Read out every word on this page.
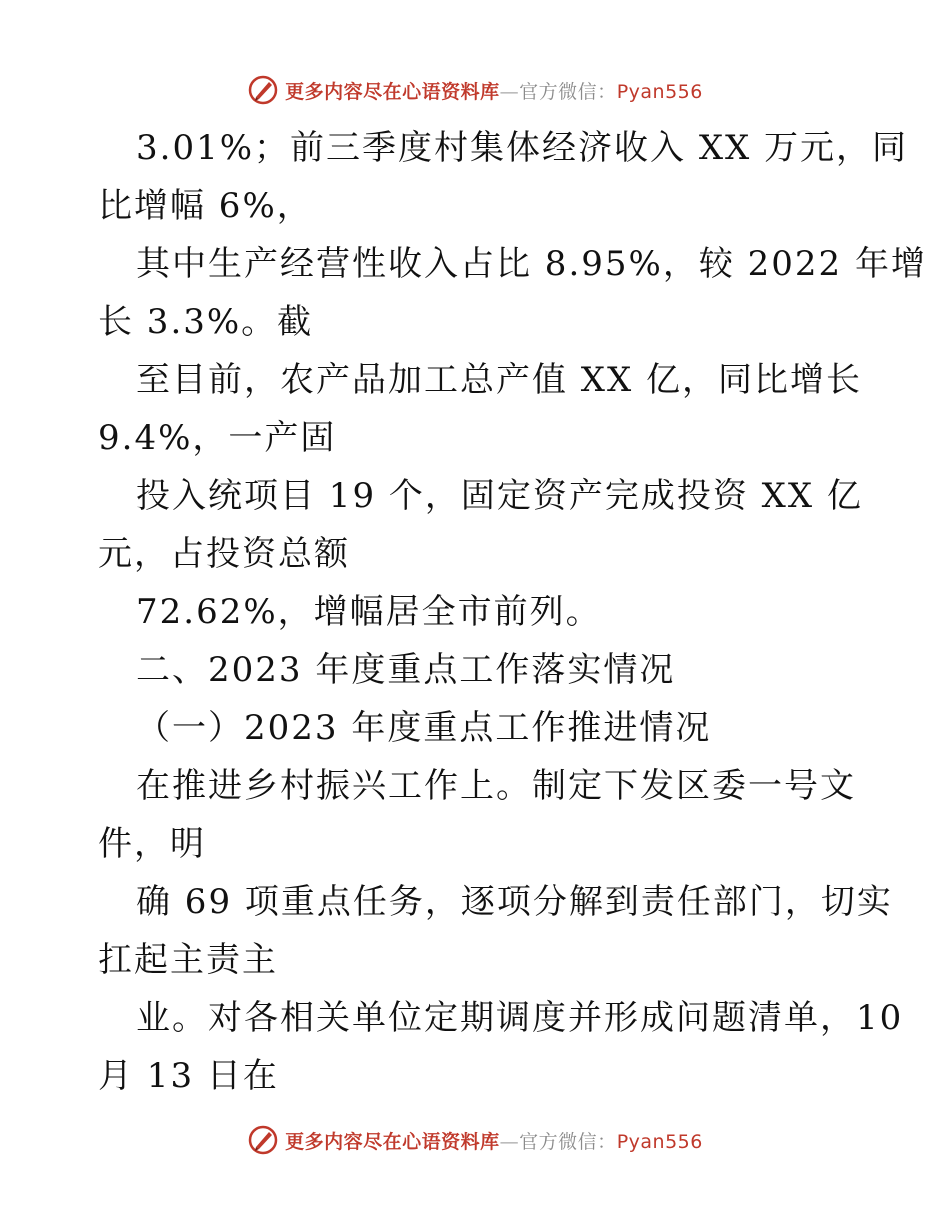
更多内容尽在心语资料库—官方微信：Pyan556
3.01%；前三季度村集体经济收入 XX 万元，同
比增幅 6%，
其中生产经营性收入占比 8.95%，较 2022 年增
长 3.3%。截
至目前，农产品加工总产值 XX 亿，同比增长
9.4%，一产固
投入统项目 19 个，固定资产完成投资 XX 亿
元，占投资总额
72.62%，增幅居全市前列。
二、2023 年度重点工作落实情况
（一）2023 年度重点工作推进情况
在推进乡村振兴工作上。制定下发区委一号文
件，明
确 69 项重点任务，逐项分解到责任部门，切实
扛起主责主
业。对各相关单位定期调度并形成问题清单，10
月 13 日在
更多内容尽在心语资料库—官方微信：Pyan556
